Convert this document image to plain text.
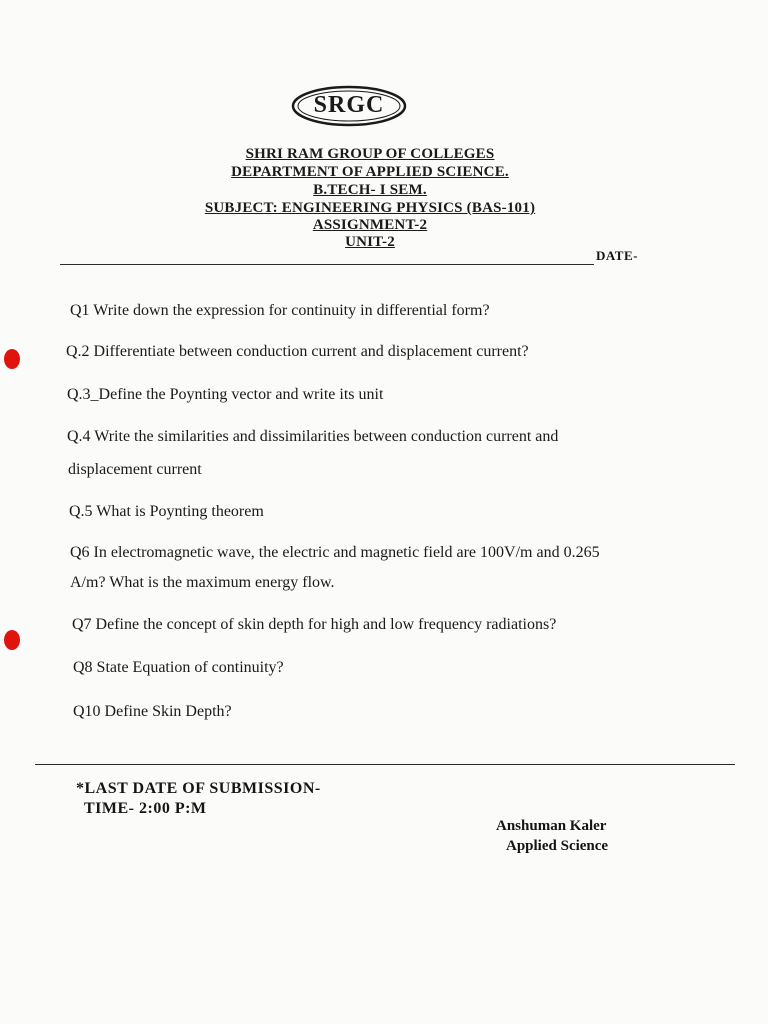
SRGC
SHRI RAM GROUP OF COLLEGES
DEPARTMENT OF APPLIED SCIENCE.
B.TECH- I SEM.
SUBJECT: ENGINEERING PHYSICS (BAS-101)
ASSIGNMENT-2
UNIT-2
DATE-
Q1 Write down the expression for continuity in differential form?
Q.2 Differentiate between conduction current and displacement current?
Q.3_Define the Poynting vector and write its unit
Q.4 Write the similarities and dissimilarities between conduction current and
displacement current
Q.5 What is Poynting theorem
Q6 In electromagnetic wave, the electric and magnetic field are 100V/m and 0.265
A/m? What is the maximum energy flow.
Q7 Define the concept of skin depth for high and low frequency radiations?
Q8 State Equation of continuity?
Q10 Define Skin Depth?
*LAST DATE OF SUBMISSION-
TIME- 2:00 P:M
Anshuman Kaler
Applied Science
